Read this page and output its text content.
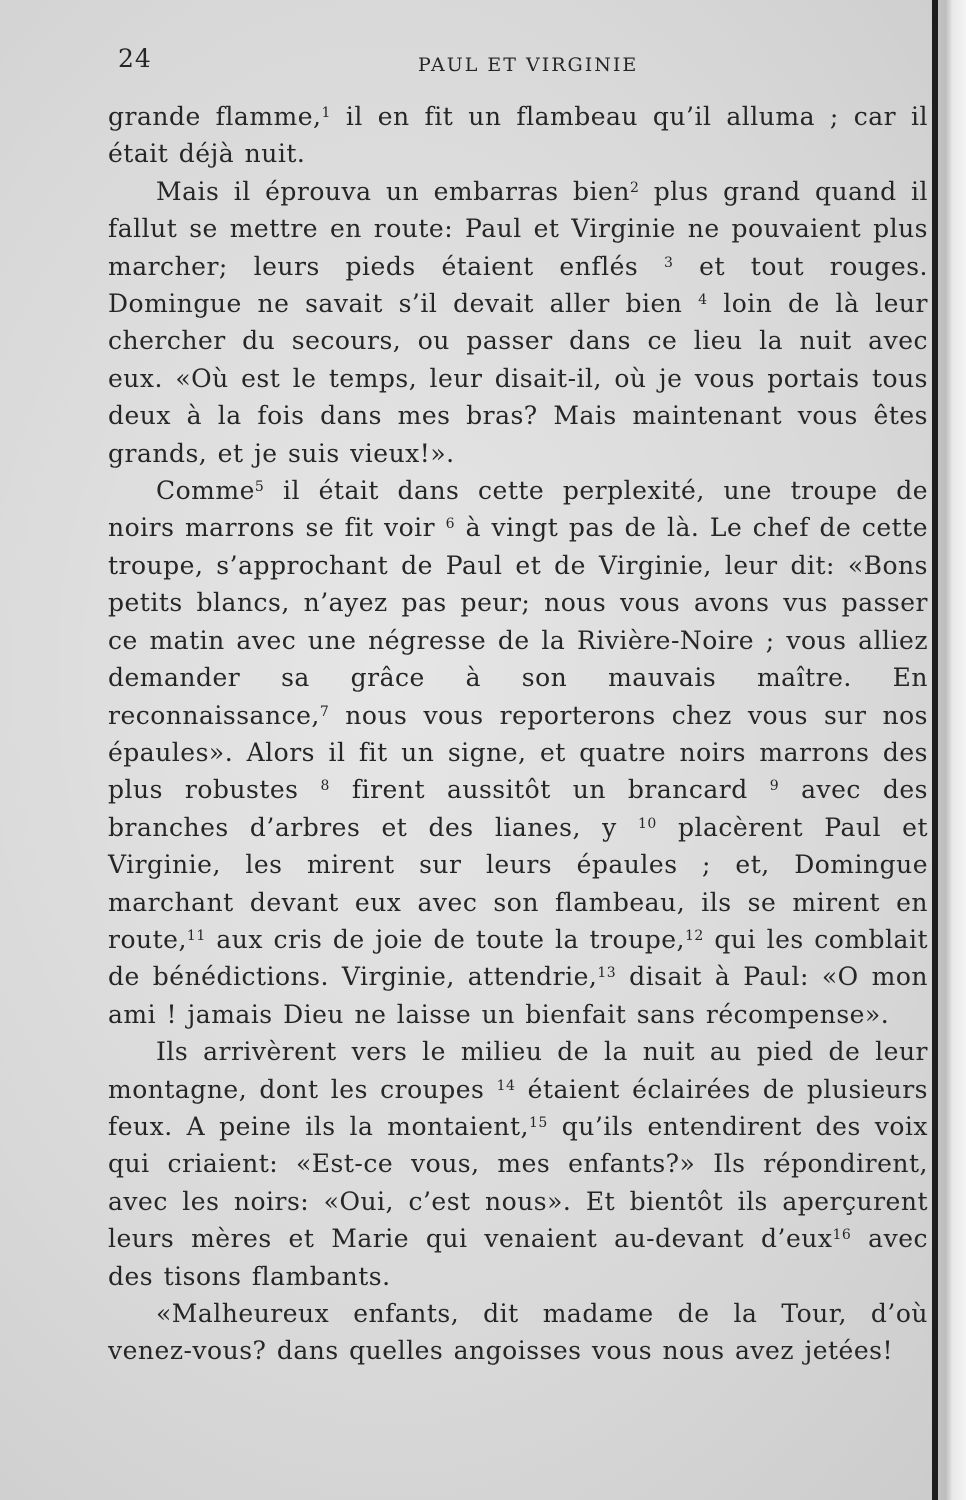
24	PAUL ET VIRGINIE

grande flamme,$^1$ il en fit un flambeau qu’il alluma ; car il était déjà nuit.

Mais il éprouva un embarras bien$^2$ plus grand quand il fallut se mettre en route: Paul et Virginie ne pouvaient plus marcher; leurs pieds étaient enflés $^3$ et tout rouges. Domingue ne savait s’il devait aller bien $^4$ loin de là leur chercher du secours, ou passer dans ce lieu la nuit avec eux. «Où est le temps, leur disait-il, où je vous portais tous deux à la fois dans mes bras? Mais maintenant vous êtes grands, et je suis vieux!».

Comme$^5$ il était dans cette perplexité, une troupe de noirs marrons se fit voir $^6$ à vingt pas de là. Le chef de cette troupe, s’approchant de Paul et de Virginie, leur dit: «Bons petits blancs, n’ayez pas peur; nous vous avons vus passer ce matin avec une négresse de la Rivière-Noire ; vous alliez demander sa grâce à son mauvais maître. En reconnaissance,$^7$ nous vous reporterons chez vous sur nos épaules». Alors il fit un signe, et quatre noirs marrons des plus robustes $^8$ firent aussitôt un brancard $^9$ avec des branches d’arbres et des lianes, y $^{10}$ placèrent Paul et Virginie, les mirent sur leurs épaules ; et, Domingue marchant devant eux avec son flambeau, ils se mirent en route,$^{11}$ aux cris de joie de toute la troupe,$^{12}$ qui les comblait de bénédictions. Virginie, attendrie,$^{13}$ disait à Paul: «O mon ami ! jamais Dieu ne laisse un bienfait sans récompense».

Ils arrivèrent vers le milieu de la nuit au pied de leur montagne, dont les croupes $^{14}$ étaient éclairées de plusieurs feux. A peine ils la montaient,$^{15}$ qu’ils entendirent des voix qui criaient: «Est-ce vous, mes enfants?» Ils répondirent, avec les noirs: «Oui, c’est nous». Et bientôt ils aperçurent leurs mères et Marie qui venaient au-devant d’eux$^{16}$ avec des tisons flambants.

«Malheureux enfants, dit madame de la Tour, d’où venez-vous? dans quelles angoisses vous nous avez jetées!
